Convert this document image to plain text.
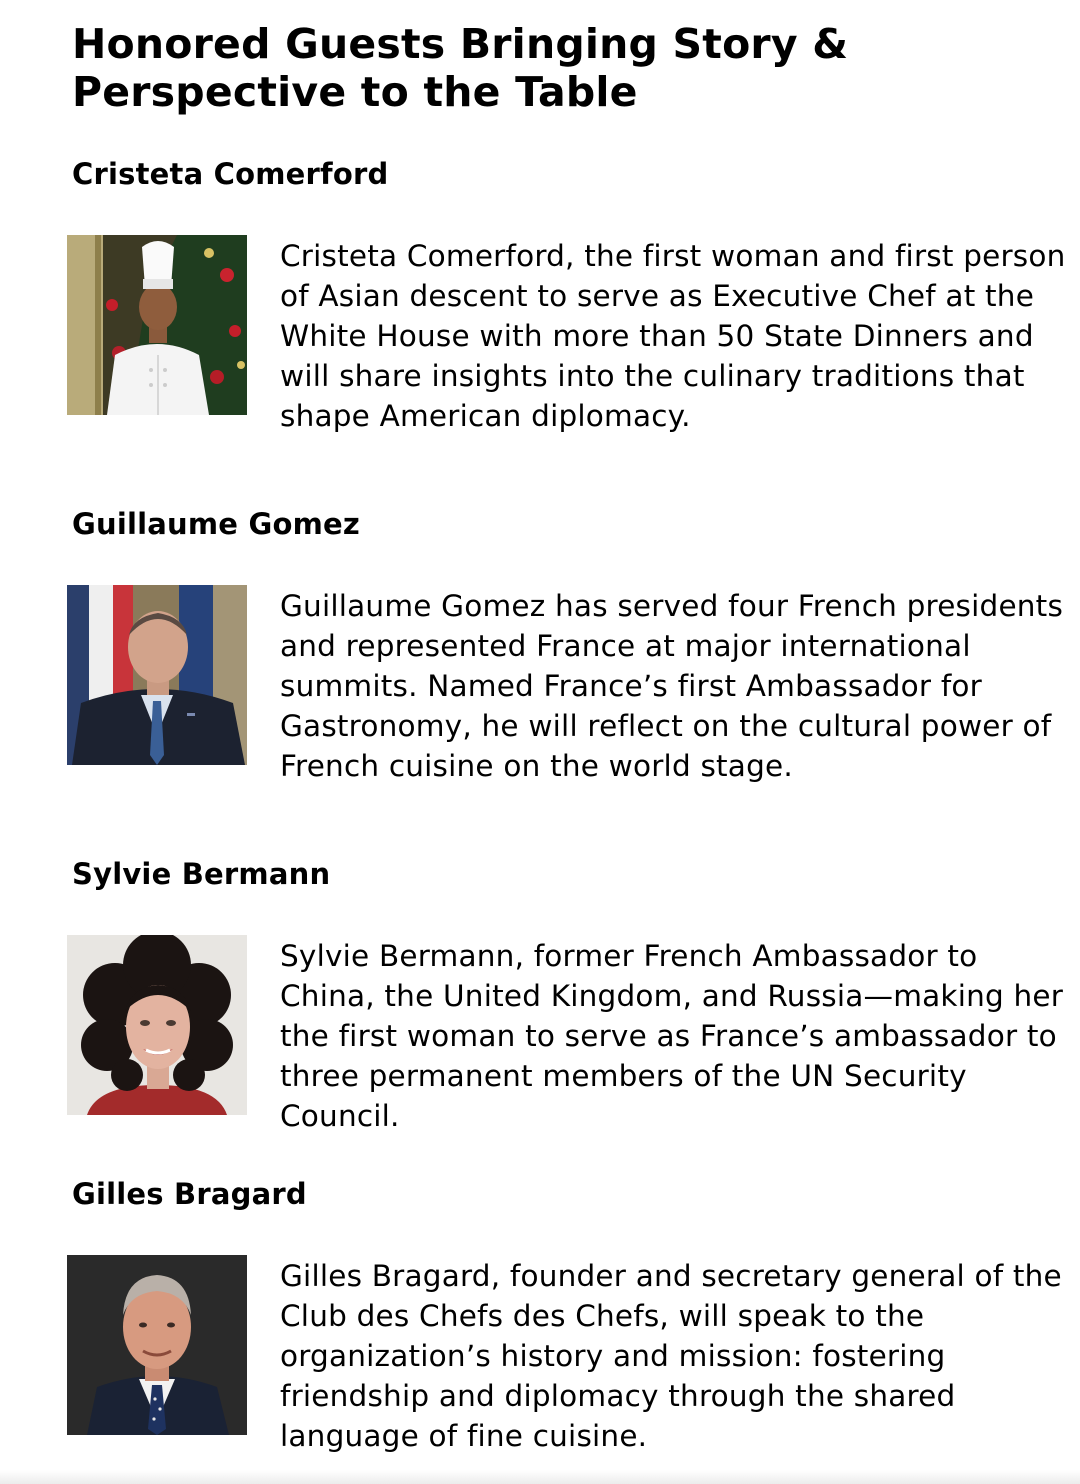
Honored Guests Bringing Story & Perspective to the Table
Cristeta Comerford

Cristeta Comerford, the first woman and first person of Asian descent to serve as Executive Chef at the White House with more than 50 State Dinners and will share insights into the culinary traditions that shape American diplomacy.

Guillaume Gomez

Guillaume Gomez has served four French presidents and represented France at major international summits. Named France’s first Ambassador for Gastronomy, he will reflect on the cultural power of French cuisine on the world stage.

Sylvie Bermann

Sylvie Bermann, former French Ambassador to China, the United Kingdom, and Russia—making her the first woman to serve as France’s ambassador to three permanent members of the UN Security Council.

Gilles Bragard

Gilles Bragard, founder and secretary general of the Club des Chefs des Chefs, will speak to the organization’s history and mission: fostering friendship and diplomacy through the shared language of fine cuisine.
